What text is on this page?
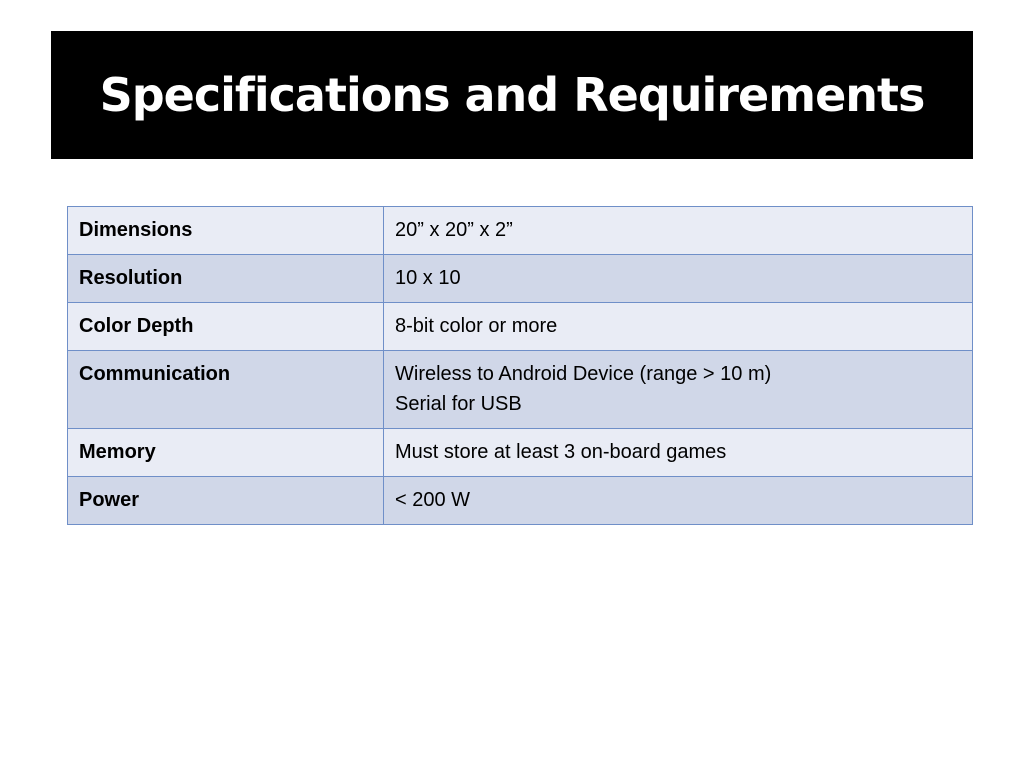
Specifications and Requirements
Dimensions	20” x 20” x 2”

Resolution	10 x 10

Color Depth	8-bit color or more

Communication	Wireless to Android Device (range > 10 m)
Serial for USB

Memory	Must store at least 3 on-board games

Power	< 200 W
